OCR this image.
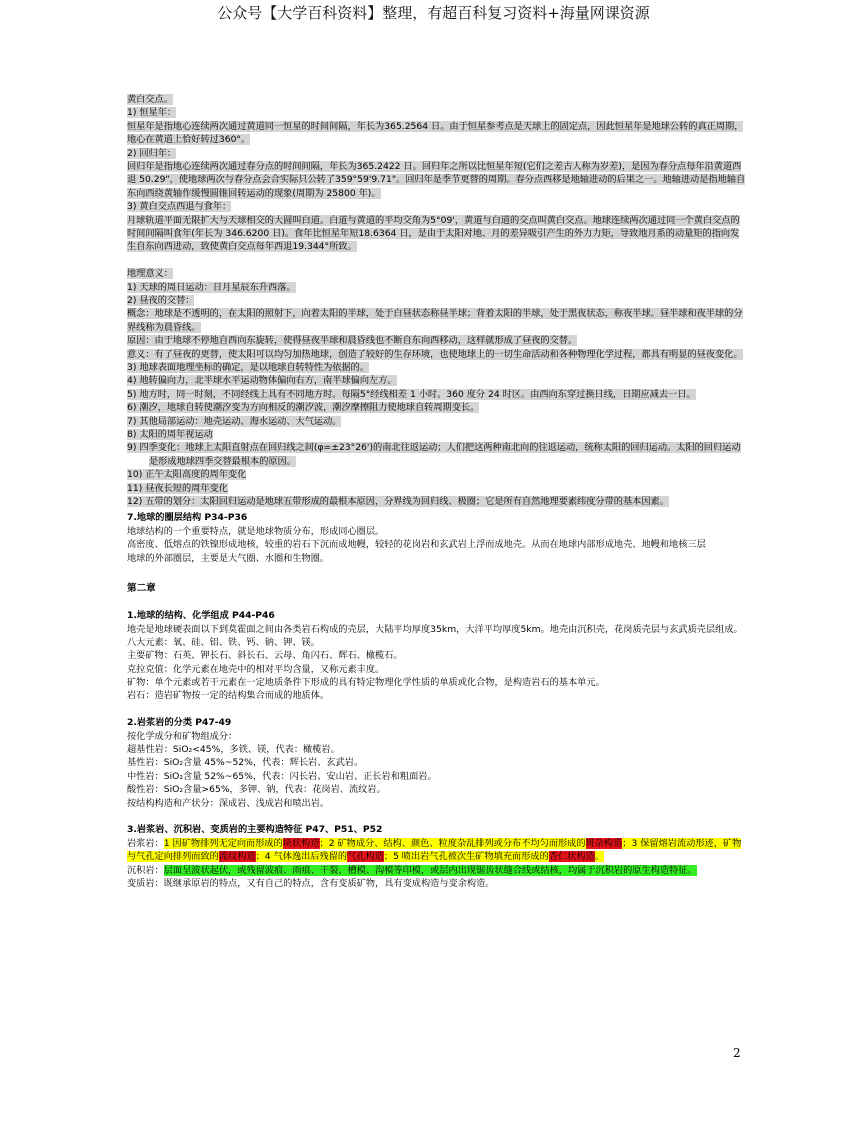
公众号【大学百科资料】整理，有超百科复习资料+海量网课资源
黄白交点。
1) 恒星年：
恒星年是指地心连续两次通过黄道同一恒星的时间间隔，年长为365.2564 日。由于恒星参考点是天球上的固定点，因此恒星年是地球公转的真正周期，地心在黄道上恰好转过360°。
2) 回归年：
回归年是指地心连续两次通过春分点的时间间隔，年长为365.2422 日。回归年之所以比恒星年短(它们之差古人称为岁差)，是因为春分点每年沿黄道西退 50.29"，使地球两次与春分点会合实际只公转了359°59'9.71"。回归年是季节更替的周期。春分点西移是地轴进动的后果之一。地轴进动是指地轴自东向西绕黄轴作缓慢圆锥回转运动的现象(周期为 25800 年)。
3) 黄白交点西退与食年：
月球轨道平面无限扩大与天球相交的大圆叫白道。白道与黄道的平均交角为5°09'，黄道与白道的交点叫黄白交点。地球连续两次通过同一个黄白交点的时间间隔叫食年(年长为 346.6200 日)。食年比恒星年短18.6364 日，是由于太阳对地、月的差异吸引产生的外力力矩，导致地月系的动量矩的指向发生自东向西进动，致使黄白交点每年西退19.344°所致。
地理意义：
1) 天球的周日运动：日月星辰东升西落。
2) 昼夜的交替：
概念：地球是不透明的，在太阳的照射下，向着太阳的半球，处于白昼状态称昼半球；背着太阳的半球，处于黑夜状态，称夜半球。昼半球和夜半球的分界线称为晨昏线。
原因：由于地球不停地自西向东旋转，使得昼夜半球和晨昏线也不断自东向西移动，这样就形成了昼夜的交替。
意义：有了昼夜的更替，使太阳可以均匀加热地球，创造了较好的生存环境，也使地球上的一切生命活动和各种物理化学过程，都具有明显的昼夜变化。
3) 地球表面地理坐标的确定，是以地球自转特性为依据的。
4) 地转偏向力，北半球水平运动物体偏向右方，南半球偏向左方。
5) 地方时，同一时刻，不同经线上具有不同地方时。每隔5°经线相差 1 小时。360 度分 24 时区。由西向东穿过换日线，日期应减去一日。
6) 潮汐，地球自转使潮汐变为方向相反的潮汐波，潮汐摩擦阻力使地球自转周期变长。
7) 其他局部运动：地壳运动、海水运动、大气运动。
8) 太阳的周年视运动
9) 四季变化：地球上太阳直射点在回归线之间(φ=±23°26')的南北往返运动；人们把这两种南北向的往返运动，统称太阳的回归运动。太阳的回归运动是形成地球四季交替最根本的原因。
10) 正午太阳高度的周年变化
11) 昼夜长短的周年变化
12) 五带的划分：太阳回归运动是地球五带形成的最根本原因，分界线为回归线、极圈；它是所有自然地理要素纬度分带的基本因素。
7.地球的圈层结构 P34-P36
地球结构的一个重要特点，就是地球物质分布，形成同心圈层。
高密度、低熔点的铁镍形成地核，较重的岩石下沉而成地幔，较轻的花岗岩和玄武岩上浮而成地壳。从而在地球内部形成地壳、地幔和地核三层
地球的外部圈层，主要是大气圈、水圈和生物圈。
第二章
1.地球的结构、化学组成 P44-P46
地壳是地球硬表面以下到莫霍面之间由各类岩石构成的壳层，大陆平均厚度35km，大洋平均厚度5km。地壳由沉积壳，花岗质壳层与玄武质壳层组成。
八大元素：氧、硅、铝、铁、钙、钠、钾、镁。
主要矿物：石英、钾长石、斜长石、云母、角闪石、辉石、橄榄石。
克拉克值：化学元素在地壳中的相对平均含量，又称元素丰度。
矿物：单个元素或若干元素在一定地质条件下形成的具有特定物理化学性质的单质或化合物，是构造岩石的基本单元。
岩石：造岩矿物按一定的结构集合而成的地质体。
2.岩浆岩的分类 P47-49
按化学成分和矿物组成分：
超基性岩：SiO₂<45%，多铁、镁，代表：橄榄岩。
基性岩：SiO₂含量 45%~52%，代表：辉长岩、玄武岩。
中性岩：SiO₂含量 52%~65%，代表：闪长岩、安山岩、正长岩和粗面岩。
酸性岩：SiO₂含量>65%，多钾、钠，代表：花岗岩、流纹岩。
按结构构造和产状分：深成岩、浅成岩和喷出岩。
3.岩浆岩、沉积岩、变质岩的主要构造特征 P47、P51、P52
岩浆岩：1 因矿物排列无定向而形成的块状构造；2 矿物成分、结构、颜色、粒度杂乱排列或分布不均匀而形成的斑杂构造；3 保留熔岩流动形迹，矿物与气孔定向排列而致的流纹构造；4 气体逸出后残留的气孔构造；5 喷出岩气孔被次生矿物填充而形成的杏仁状构造。
沉积岩：层面呈波状起伏，或残留波痕、雨痕、干裂、槽模、沟模等印模，或层内出现锯齿状缝合线或结核，均属于沉积岩的原生构造特征。
变质岩：既继承原岩的特点，又有自己的特点，含有变质矿物，具有变成构造与变余构造。
2
